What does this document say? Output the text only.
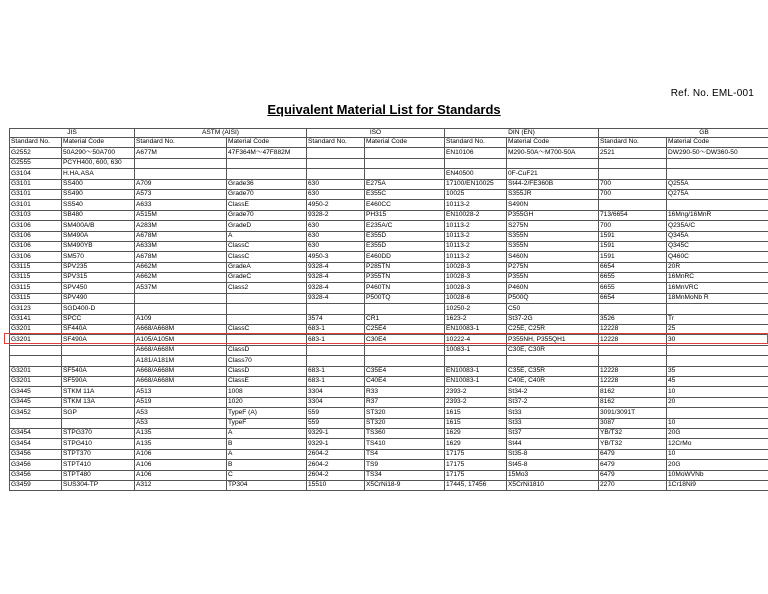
Ref. No. EML-001
Equivalent Material List for Standards
JIS		ASTM (AISI)		ISO		DIN (EN)		GB	
Standard No.	Material Code	Standard No.	Material Code	Standard No.	Material Code	Standard No.	Material Code	Standard No.	Material Code
G2552	50A290～50A700	A677M	47F364M～47F882M			EN10106	M290-50A～M700-50A	2521	DW290-50～DW360-50
G2555	PCYH400, 600, 630								
G3104	H.HA.ASA					EN40500	0F-CuF21		
G3101	SS400	A709	Grade36	630	E275A	17100/EN10025	St44-2/FE360B	700	Q255A
G3101	SS490	A573	Grade70	630	E355C	10025	S355JR	700	Q275A
G3101	SS540	A633	ClassE	4950-2	E460CC	10113-2	S490N		
G3103	SB480	A515M	Grade70	9328-2	PH315	EN10028-2	P355GH	713/6654	16Mng/16MnR
G3106	SM400A/B	A283M	GradeD	630	E235A/C	10113-2	S275N	700	Q235A/C
G3106	SM490A	A678M	A	630	E355D	10113-2	S355N	1591	Q345A
G3106	SM490YB	A633M	ClassC	630	E355D	10113-2	S355N	1591	Q345C
G3106	SM570	A678M	ClassC	4950-3	E460DD	10113-2	S460N	1591	Q460C
G3115	SPV235	A662M	GradeA	9328-4	P285TN	10028-3	P275N	6654	20R
G3115	SPV315	A662M	GradeC	9328-4	P355TN	10028-3	P355N	6655	16MnRC
G3115	SPV450	A537M	Class2	9328-4	P460TN	10028-3	P460N	6655	16MnVRC
G3115	SPV490			9328-4	P500TQ	10028-6	P500Q	6654	18MnMoNb R
G3123	SGD400-D					10250-2	C50		
G3141	SPCC	A109		3574	CR1	1623-2	St37-2G	3526	Tr
G3201	SF440A	A668/A668M	ClassC	683-1	C25E4	EN10083-1	C25E, C25R	12228	25
G3201	SF490A	A105/A105M		683-1	C30E4	10222-4	P355NH, P355QH1	12228	30
		A668/A668M	ClassD			10083-1	C30E, C30R		
		A181/A181M	Class70						
G3201	SF540A	A668/A668M	ClassD	683-1	C35E4	EN10083-1	C35E, C35R	12228	35
G3201	SF590A	A668/A668M	ClassE	683-1	C40E4	EN10083-1	C40E, C40R	12228	45
G3445	STKM 11A	A513	1008	3304	R33	2393-2	St34-2	8162	10
G3445	STKM 13A	A519	1020	3304	R37	2393-2	St37-2	8162	20
G3452	SGP	A53	TypeF (A)	559	ST320	1615	St33	3091/3091T	
		A53	TypeF	559	ST320	1615	St33	3087	10
G3454	STPG370	A135	A	9329-1	TS360	1629	St37	YB/T32	20G
G3454	STPG410	A135	B	9329-1	TS410	1629	St44	YB/T32	12CrMo
G3456	STPT370	A106	A	2604-2	TS4	17175	St35-8	6479	10
G3456	STPT410	A106	B	2604-2	TS9	17175	St45-8	6479	20G
G3456	STPT480	A106	C	2604-2	TS34	17175	15Mo3	6479	10MoWVNb
G3459	SUS304-TP	A312	TP304	15510	X5CrNi18-9	17445, 17456	X5CrNi1810	2270	1Cr18Ni9
